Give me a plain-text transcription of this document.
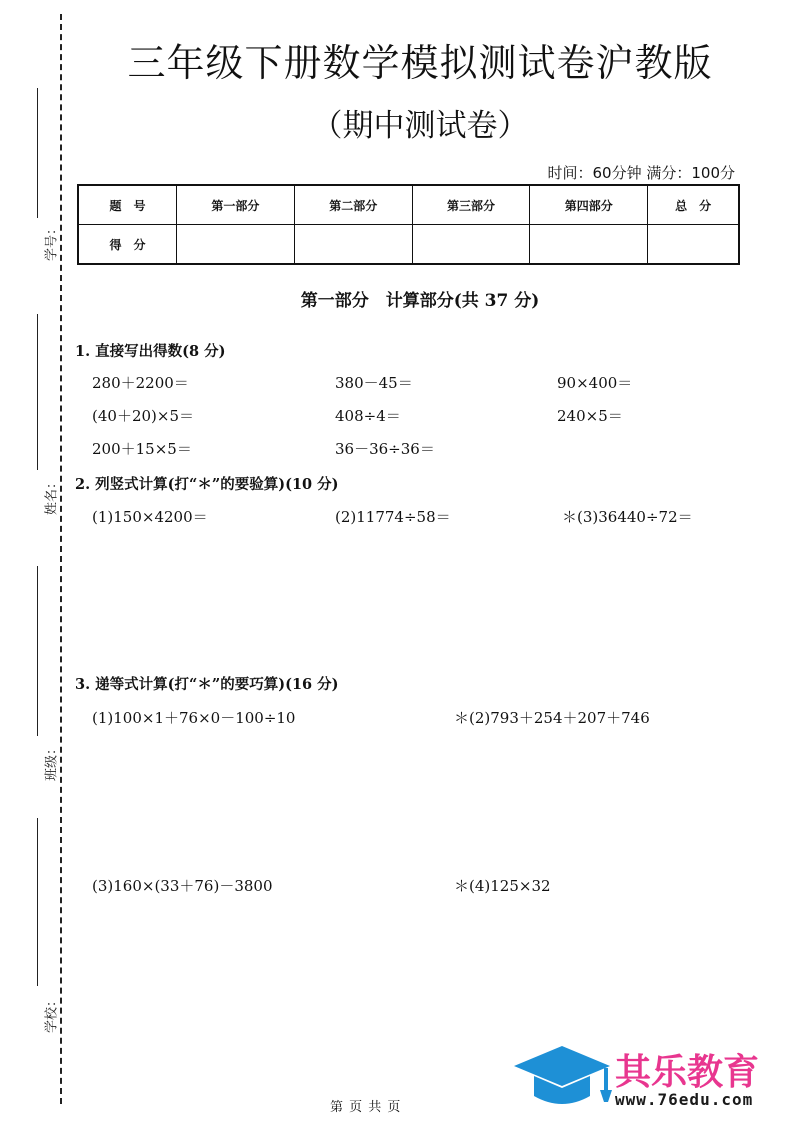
学号：
姓名：
班级：
学校：
三年级下册数学模拟测试卷沪教版
（期中测试卷）
时间：60分钟 满分：100分
题　号	第一部分	第二部分	第三部分	第四部分	总　分
得　分					
第一部分　计算部分(共 37 分)
1. 直接写出得数(8 分)
280＋2200＝	380－45＝	90×400＝
(40＋20)×5＝	408÷4＝	240×5＝
200＋15×5＝	36－36÷36＝
2. 列竖式计算(打“＊”的要验算)(10 分)
(1)150×4200＝	(2)11774÷58＝	＊(3)36440÷72＝
3. 递等式计算(打“＊”的要巧算)(16 分)
(1)100×1＋76×0－100÷10	＊(2)793＋254＋207＋746
(3)160×(33＋76)－3800	＊(4)125×32
第 页 共 页
其乐教育
www.76edu.com
